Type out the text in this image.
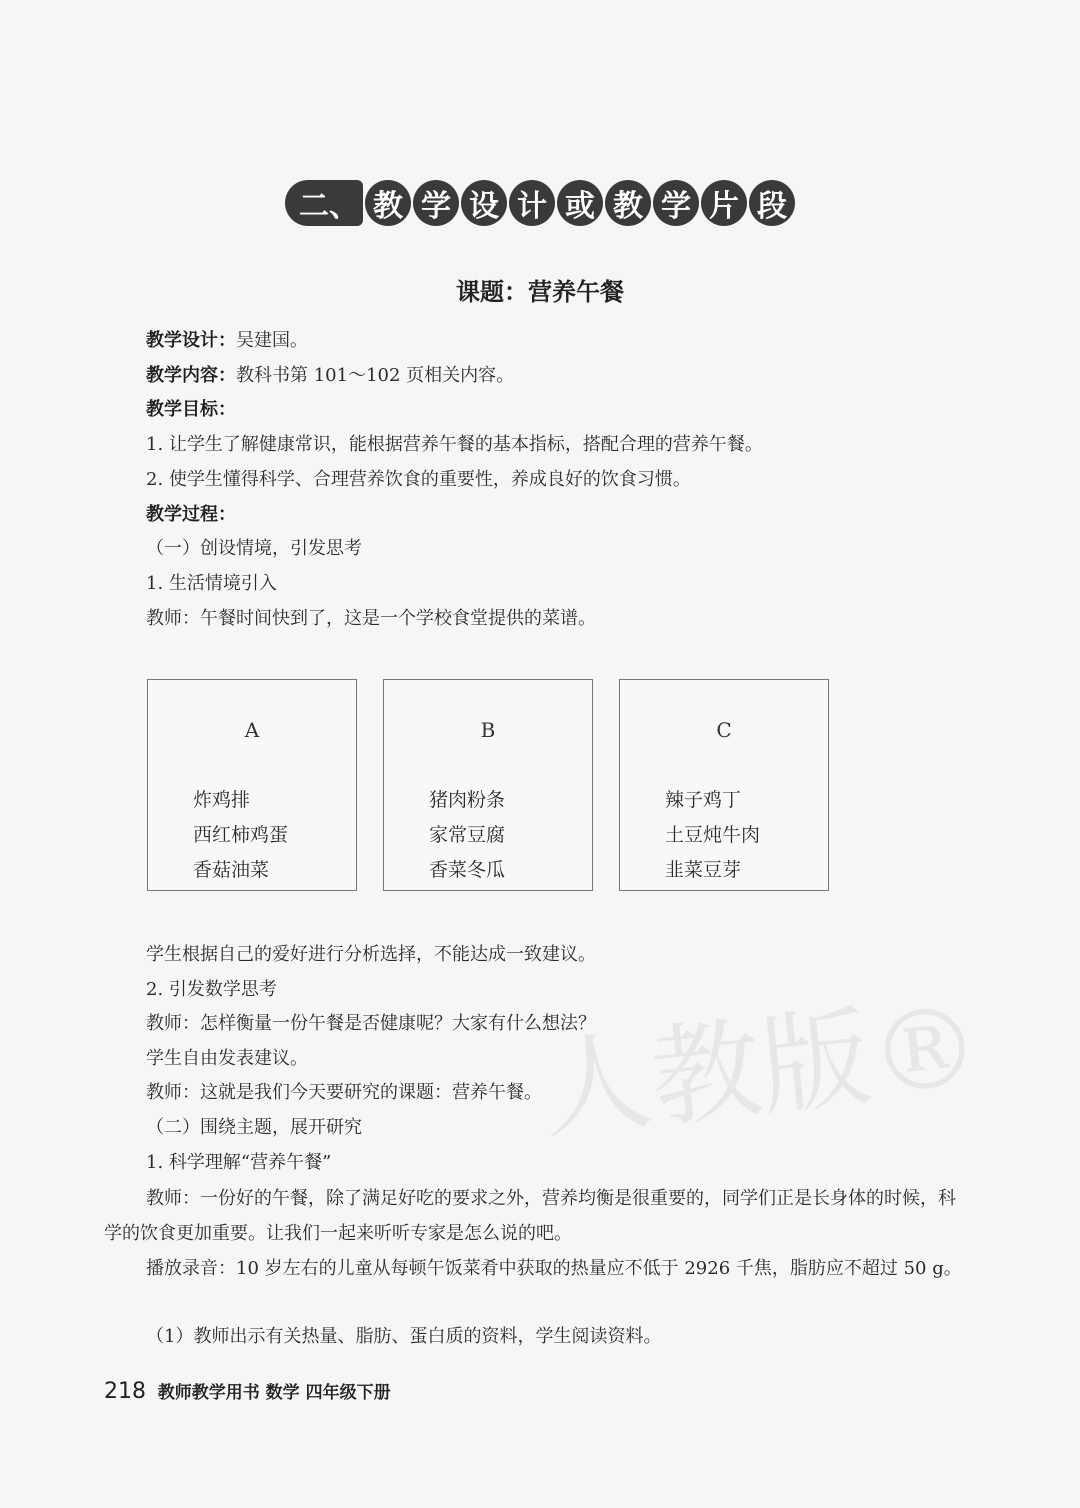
二、 教 学 设 计 或 教 学 片 段
课题：营养午餐
教学设计：吴建国。
教学内容：教科书第 101～102 页相关内容。
教学目标：
1. 让学生了解健康常识，能根据营养午餐的基本指标，搭配合理的营养午餐。
2. 使学生懂得科学、合理营养饮食的重要性，养成良好的饮食习惯。
教学过程：
（一）创设情境，引发思考
1. 生活情境引入
教师：午餐时间快到了，这是一个学校食堂提供的菜谱。
A
炸鸡排
西红柿鸡蛋
香菇油菜
B
猪肉粉条
家常豆腐
香菜冬瓜
C
辣子鸡丁
土豆炖牛肉
韭菜豆芽
人教版®
学生根据自己的爱好进行分析选择，不能达成一致建议。
2. 引发数学思考
教师：怎样衡量一份午餐是否健康呢？大家有什么想法？
学生自由发表建议。
教师：这就是我们今天要研究的课题：营养午餐。
（二）围绕主题，展开研究
1. 科学理解“营养午餐”
教师：一份好的午餐，除了满足好吃的要求之外，营养均衡是很重要的，同学们正是长身体的时候，科学的饮食更加重要。让我们一起来听听专家是怎么说的吧。
播放录音：10 岁左右的儿童从每顿午饭菜肴中获取的热量应不低于 2926 千焦，脂肪应不超过 50 g。
（1）教师出示有关热量、脂肪、蛋白质的资料，学生阅读资料。
218 教师教学用书 数学 四年级下册
